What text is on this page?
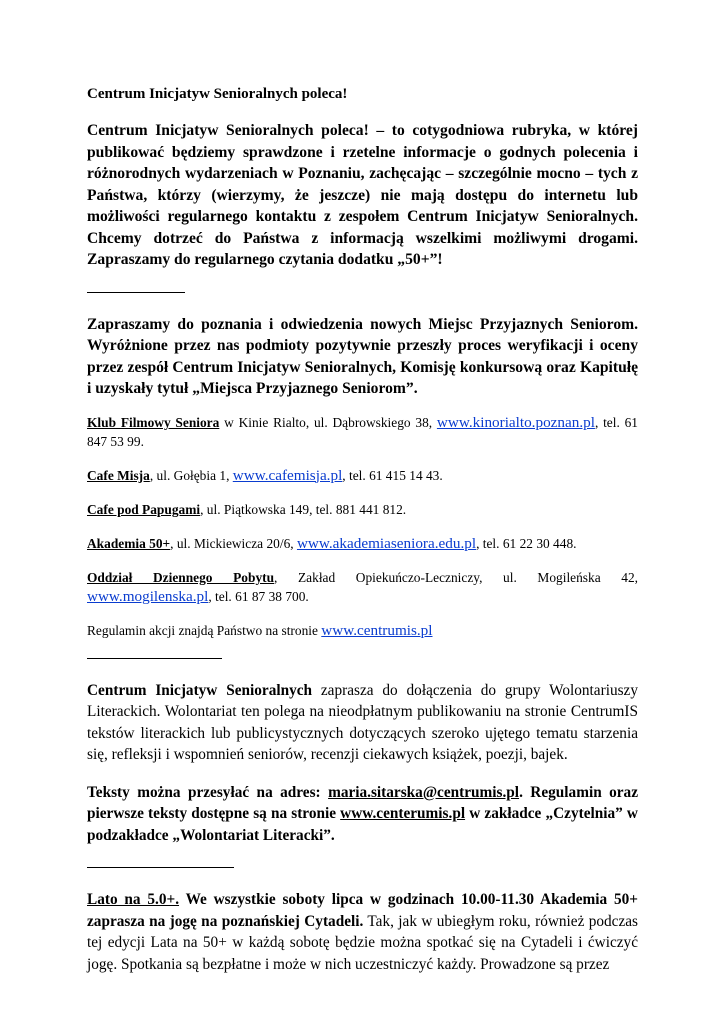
Centrum Inicjatyw Senioralnych poleca!

Centrum Inicjatyw Senioralnych poleca! – to cotygodniowa rubryka, w której publikować będziemy sprawdzone i rzetelne informacje o godnych polecenia i różnorodnych wydarzeniach w Poznaniu, zachęcając – szczególnie mocno – tych z Państwa, którzy (wierzymy, że jeszcze) nie mają dostępu do internetu lub możliwości regularnego kontaktu z zespołem Centrum Inicjatyw Senioralnych. Chcemy dotrzeć do Państwa z informacją wszelkimi możliwymi drogami. Zapraszamy do regularnego czytania dodatku „50+”!

Zapraszamy do poznania i odwiedzenia nowych Miejsc Przyjaznych Seniorom. Wyróżnione przez nas podmioty pozytywnie przeszły proces weryfikacji i oceny przez zespół Centrum Inicjatyw Senioralnych, Komisję konkursową oraz Kapitułę i uzyskały tytuł „Miejsca Przyjaznego Seniorom”.

Klub Filmowy Seniora w Kinie Rialto, ul. Dąbrowskiego 38, www.kinorialto.poznan.pl, tel. 61 847 53 99.

Cafe Misja, ul. Gołębia 1, www.cafemisja.pl, tel. 61 415 14 43.

Cafe pod Papugami, ul. Piątkowska 149, tel. 881 441 812.

Akademia 50+, ul. Mickiewicza 20/6, www.akademiaseniora.edu.pl, tel. 61 22 30 448.

Oddział Dziennego Pobytu, Zakład Opiekuńczo-Leczniczy, ul. Mogileńska 42, www.mogilenska.pl, tel. 61 87 38 700.

Regulamin akcji znajdą Państwo na stronie www.centrumis.pl

Centrum Inicjatyw Senioralnych zaprasza do dołączenia do grupy Wolontariuszy Literackich. Wolontariat ten polega na nieodpłatnym publikowaniu na stronie CentrumIS tekstów literackich lub publicystycznych dotyczących szeroko ujętego tematu starzenia się, refleksji i wspomnień seniorów, recenzji ciekawych książek, poezji, bajek.

Teksty można przesyłać na adres: maria.sitarska@centrumis.pl. Regulamin oraz pierwsze teksty dostępne są na stronie www.centerumis.pl w zakładce „Czytelnia” w podzakładce „Wolontariat Literacki”.

Lato na 5.0+. We wszystkie soboty lipca w godzinach 10.00-11.30 Akademia 50+ zaprasza na jogę na poznańskiej Cytadeli. Tak, jak w ubiegłym roku, również podczas tej edycji Lata na 50+ w każdą sobotę będzie można spotkać się na Cytadeli i ćwiczyć jogę. Spotkania są bezpłatne i może w nich uczestniczyć każdy. Prowadzone są przez
